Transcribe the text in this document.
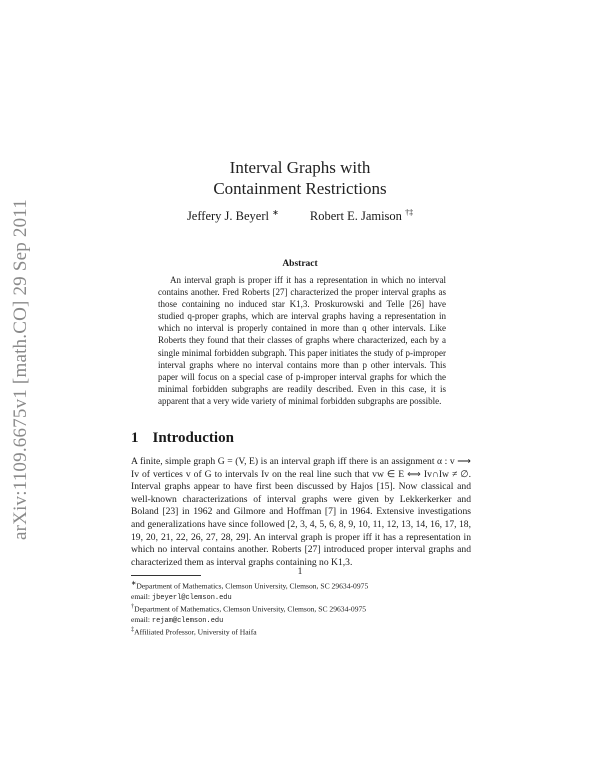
arXiv:1109.6675v1 [math.CO] 29 Sep 2011
Interval Graphs with
Containment Restrictions
Jeffery J. Beyerl ∗ Robert E. Jamison †‡
Abstract

An interval graph is proper iff it has a representation in which no interval contains another. Fred Roberts [27] characterized the proper interval graphs as those containing no induced star K1,3. Proskurowski and Telle [26] have studied q-proper graphs, which are interval graphs having a representation in which no interval is properly contained in more than q other intervals. Like Roberts they found that their classes of graphs where characterized, each by a single minimal forbidden subgraph. This paper initiates the study of p-improper interval graphs where no interval contains more than p other intervals. This paper will focus on a special case of p-improper interval graphs for which the minimal forbidden subgraphs are readily described. Even in this case, it is apparent that a very wide variety of minimal forbidden subgraphs are possible.

1 Introduction

A finite, simple graph G = (V, E) is an interval graph iff there is an assignment α : v ⟶ Iv of vertices v of G to intervals Iv on the real line such that vw ∈ E ⟺ Iv∩Iw ≠ ∅. Interval graphs appear to have first been discussed by Hajos [15]. Now classical and well-known characterizations of interval graphs were given by Lekkerkerker and Boland [23] in 1962 and Gilmore and Hoffman [7] in 1964. Extensive investigations and generalizations have since followed [2, 3, 4, 5, 6, 8, 9, 10, 11, 12, 13, 14, 16, 17, 18, 19, 20, 21, 22, 26, 27, 28, 29]. An interval graph is proper iff it has a representation in which no interval contains another. Roberts [27] introduced proper interval graphs and characterized them as interval graphs containing no K1,3.

∗Department of Mathematics, Clemson University, Clemson, SC 29634-0975
email: jbeyerl@clemson.edu

†Department of Mathematics, Clemson University, Clemson, SC 29634-0975
email: rejam@clemson.edu

‡Affiliated Professor, University of Haifa

1
